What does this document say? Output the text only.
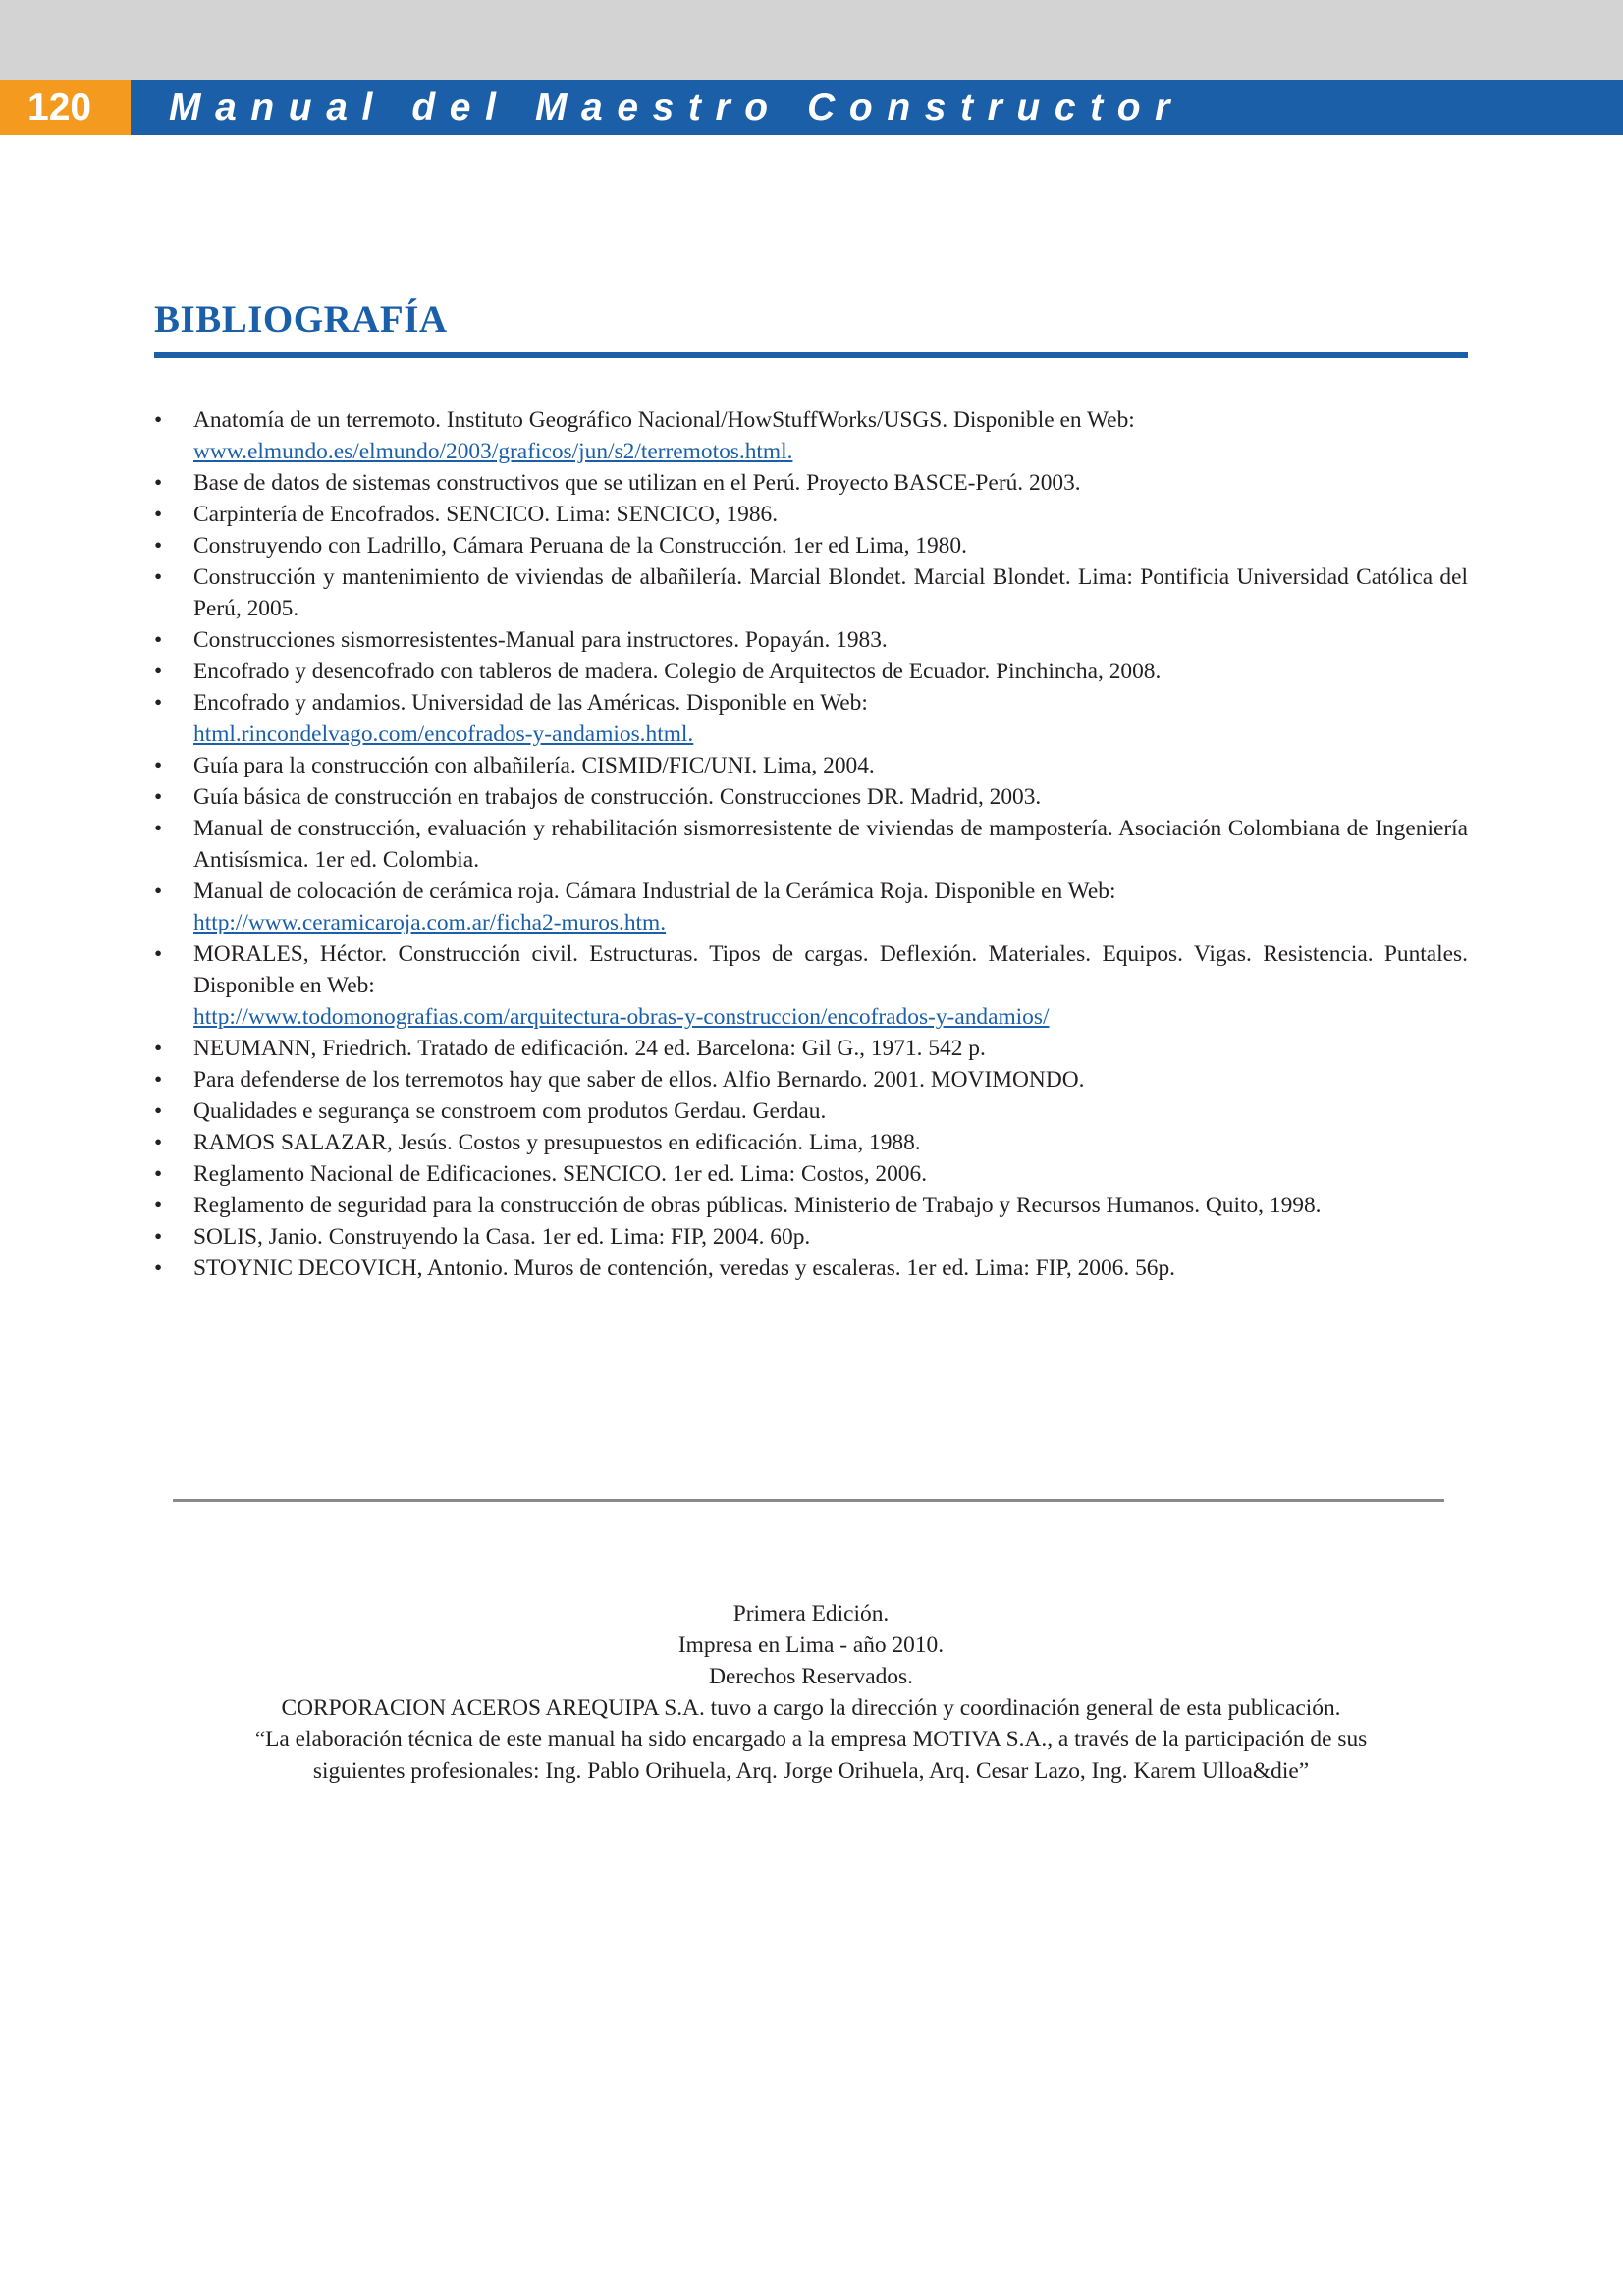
120	Manual del Maestro Constructor
BIBLIOGRAFÍA
• Anatomía de un terremoto. Instituto Geográfico Nacional/HowStuffWorks/USGS. Disponible en Web:
www.elmundo.es/elmundo/2003/graficos/jun/s2/terremotos.html.
• Base de datos de sistemas constructivos que se utilizan en el Perú. Proyecto BASCE-Perú. 2003.
• Carpintería de Encofrados. SENCICO. Lima: SENCICO, 1986.
• Construyendo con Ladrillo, Cámara Peruana de la Construcción. 1er ed Lima, 1980.
• Construcción y mantenimiento de viviendas de albañilería. Marcial Blondet. Marcial Blondet. Lima: Pontificia Universidad Católica del Perú, 2005.
• Construcciones sismorresistentes-Manual para instructores. Popayán. 1983.
• Encofrado y desencofrado con tableros de madera. Colegio de Arquitectos de Ecuador. Pinchincha, 2008.
• Encofrado y andamios. Universidad de las Américas. Disponible en Web:
html.rincondelvago.com/encofrados-y-andamios.html.
• Guía para la construcción con albañilería. CISMID/FIC/UNI. Lima, 2004.
• Guía básica de construcción en trabajos de construcción. Construcciones DR. Madrid, 2003.
• Manual de construcción, evaluación y rehabilitación sismorresistente de viviendas de mampostería. Asociación Colombiana de Ingeniería Antisísmica. 1er ed. Colombia.
• Manual de colocación de cerámica roja. Cámara Industrial de la Cerámica Roja. Disponible en Web:
http://www.ceramicaroja.com.ar/ficha2-muros.htm.
• MORALES, Héctor. Construcción civil. Estructuras. Tipos de cargas. Deflexión. Materiales. Equipos. Vigas. Resistencia. Puntales. Disponible en Web:
http://www.todomonografias.com/arquitectura-obras-y-construccion/encofrados-y-andamios/
• NEUMANN, Friedrich. Tratado de edificación. 24 ed. Barcelona: Gil G., 1971. 542 p.
• Para defenderse de los terremotos hay que saber de ellos. Alfio Bernardo. 2001. MOVIMONDO.
• Qualidades e segurança se constroem com produtos Gerdau. Gerdau.
• RAMOS SALAZAR, Jesús. Costos y presupuestos en edificación. Lima, 1988.
• Reglamento Nacional de Edificaciones. SENCICO. 1er ed. Lima: Costos, 2006.
• Reglamento de seguridad para la construcción de obras públicas. Ministerio de Trabajo y Recursos Humanos. Quito, 1998.
• SOLIS, Janio. Construyendo la Casa. 1er ed. Lima: FIP, 2004. 60p.
• STOYNIC DECOVICH, Antonio. Muros de contención, veredas y escaleras. 1er ed. Lima: FIP, 2006. 56p.
Primera Edición.
Impresa en Lima - año 2010.
Derechos Reservados.
CORPORACION ACEROS AREQUIPA S.A. tuvo a cargo la dirección y coordinación general de esta publicación.
“La elaboración técnica de este manual ha sido encargado a la empresa MOTIVA S.A., a través de la participación de sus
siguientes profesionales: Ing. Pablo Orihuela, Arq. Jorge Orihuela, Arq. Cesar Lazo, Ing. Karem Ulloa&die”
